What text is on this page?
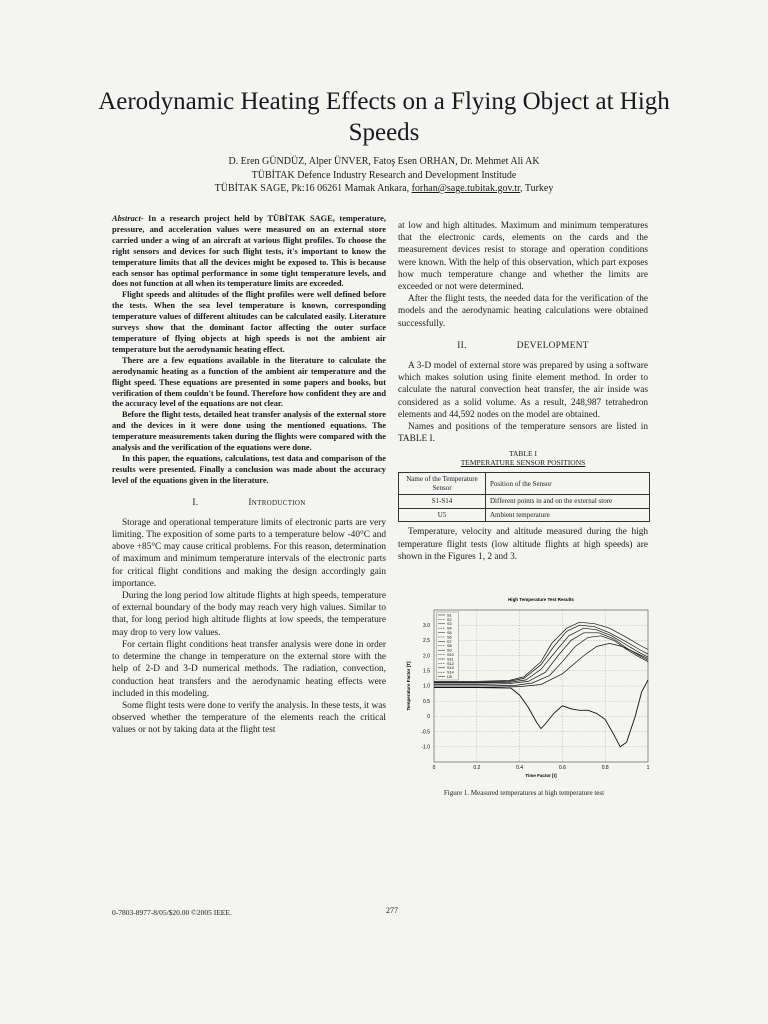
Aerodynamic Heating Effects on a Flying Object at High Speeds
D. Eren GÜNDÜZ, Alper ÜNVER, Fatoş Esen ORHAN, Dr. Mehmet Ali AK
TÜBİTAK Defence Industry Research and Development Institude
TÜBİTAK SAGE, Pk:16 06261 Mamak Ankara, forhan@sage.tubitak.gov.tr, Turkey

Abstract- In a research project held by TÜBİTAK SAGE, temperature, pressure, and acceleration values were measured on an external store carried under a wing of an aircraft at various flight profiles. To choose the right sensors and devices for such flight tests, it's important to know the temperature limits that all the devices might be exposed to. This is because each sensor has optimal performance in some tight temperature levels, and does not function at all when its temperature limits are exceeded.

Flight speeds and altitudes of the flight profiles were well defined before the tests. When the sea level temperature is known, corresponding temperature values of different altitudes can be calculated easily. Literature surveys show that the dominant factor affecting the outer surface temperature of flying objects at high speeds is not the ambient air temperature but the aerodynamic heating effect.

There are a few equations available in the literature to calculate the aerodynamic heating as a function of the ambient air temperature and the flight speed. These equations are presented in some papers and books, but verification of them couldn't be found. Therefore how confident they are and the accuracy level of the equations are not clear.

Before the flight tests, detailed heat transfer analysis of the external store and the devices in it were done using the mentioned equations. The temperature measurements taken during the flights were compared with the analysis and the verification of the equations were done.

In this paper, the equations, calculations, test data and comparison of the results were presented. Finally a conclusion was made about the accuracy level of the equations given in the literature.

I.	Introduction

Storage and operational temperature limits of electronic parts are very limiting. The exposition of some parts to a temperature below -40°C and above +85°C may cause critical problems. For this reason, determination of maximum and minimum temperature intervals of the electronic parts for critical flight conditions and making the design accordingly gain importance.

During the long period low altitude flights at high speeds, temperature of external boundary of the body may reach very high values. Similar to that, for long period high altitude flights at low speeds, the temperature may drop to very low values.

For certain flight conditions heat transfer analysis were done in order to determine the change in temperature on the external store with the help of 2-D and 3-D numerical methods. The radiation, convection, conduction heat transfers and the aerodynamic heating effects were included in this modeling.

Some flight tests were done to verify the analysis. In these tests, it was observed whether the temperature of the elements reach the critical values or not by taking data at the flight test

at low and high altitudes. Maximum and minimum temperatures that the electronic cards, elements on the cards and the measurement devices resist to storage and operation conditions were known. With the help of this observation, which part exposes how much temperature change and whether the limits are exceeded or not were determined.

After the flight tests, the needed data for the verification of the models and the aerodynamic heating calculations were obtained successfully.

II.	DEVELOPMENT

A 3-D model of external store was prepared by using a software which makes solution using finite element method. In order to calculate the natural convection heat transfer, the air inside was considered as a solid volume. As a result, 248,987 tetrahedron elements and 44,592 nodes on the model are obtained.

Names and positions of the temperature sensors are listed in TABLE I.

TABLE I
TEMPERATURE SENSOR POSITIONS
Name of the Temperature Sensor	Position of the Sensor
S1-S14	Different points in and on the external store
U5	Ambient temperature

Temperature, velocity and altitude measured during the high temperature flight tests (low altitude flights at high speeds) are shown in the Figures 1, 2 and 3.

High Temperature Test Results
0	0.2	0.4	0.6	0.8	1
3.0
2.5
2.0
1.5
1.0
0.5
0
-0.5
-1.0
Time Factor [t]
Temperature Factor [T]
S1
S2
S3
S4
S5
S6
S7
S8
S9
S10
S11
S12
S13
S14
U5
Figure 1. Measured temperatures at high temperature test
0-7803-8977-8/05/$20.00 ©2005 IEEE.	277
